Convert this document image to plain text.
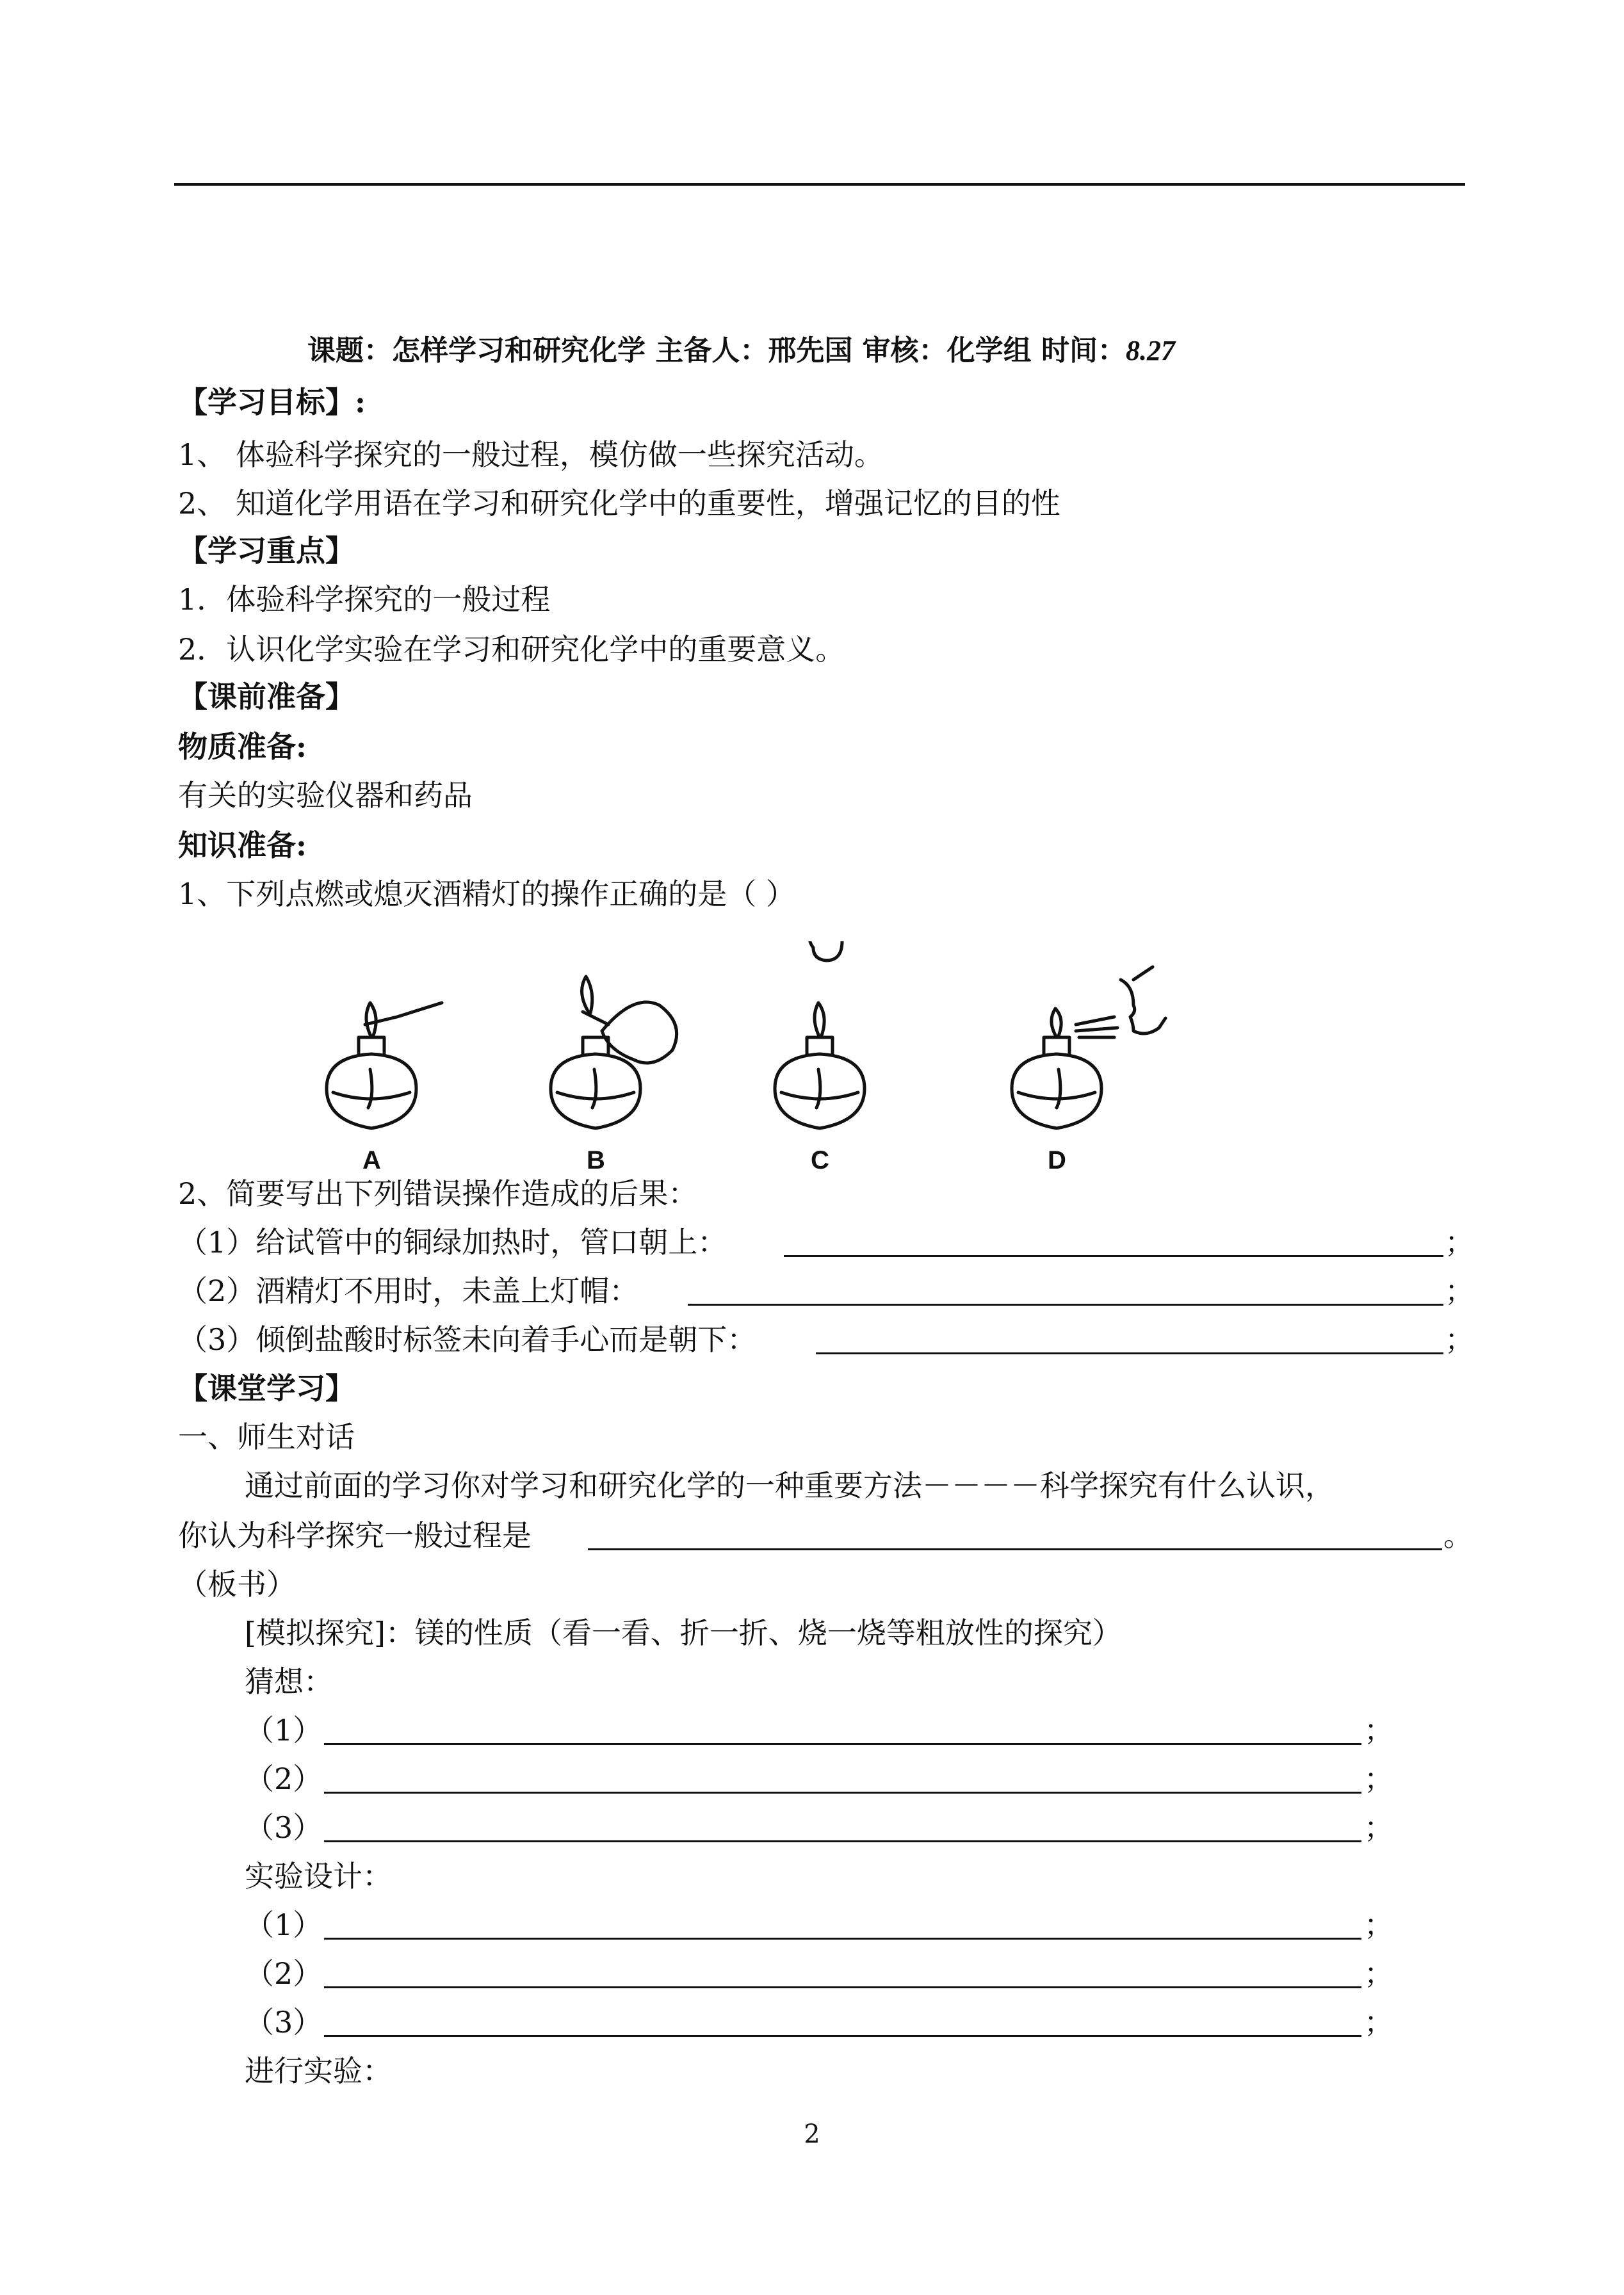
课题：怎样学习和研究化学 主备人：邢先国 审核：化学组 时间：8.27
【学习目标】:
1、 体验科学探究的一般过程，模仿做一些探究活动。
2、 知道化学用语在学习和研究化学中的重要性，增强记忆的目的性
【学习重点】
1．体验科学探究的一般过程
2．认识化学实验在学习和研究化学中的重要意义。
【课前准备】
物质准备:
有关的实验仪器和药品
知识准备:
1、下列点燃或熄灭酒精灯的操作正确的是（ ）
A	B	C	D
2、简要写出下列错误操作造成的后果：
（1）给试管中的铜绿加热时，管口朝上：	；
（2）酒精灯不用时，未盖上灯帽：	；
（3）倾倒盐酸时标签未向着手心而是朝下：	；
【课堂学习】
一、师生对话
通过前面的学习你对学习和研究化学的一种重要方法－－－－科学探究有什么认识，
你认为科学探究一般过程是	。
（板书）
[模拟探究]：镁的性质（看一看、折一折、烧一烧等粗放性的探究）
猜想：
（1）	；
（2）	；
（3）	；
实验设计：
（1）	；
（2）	；
（3）	；
进行实验：
2
